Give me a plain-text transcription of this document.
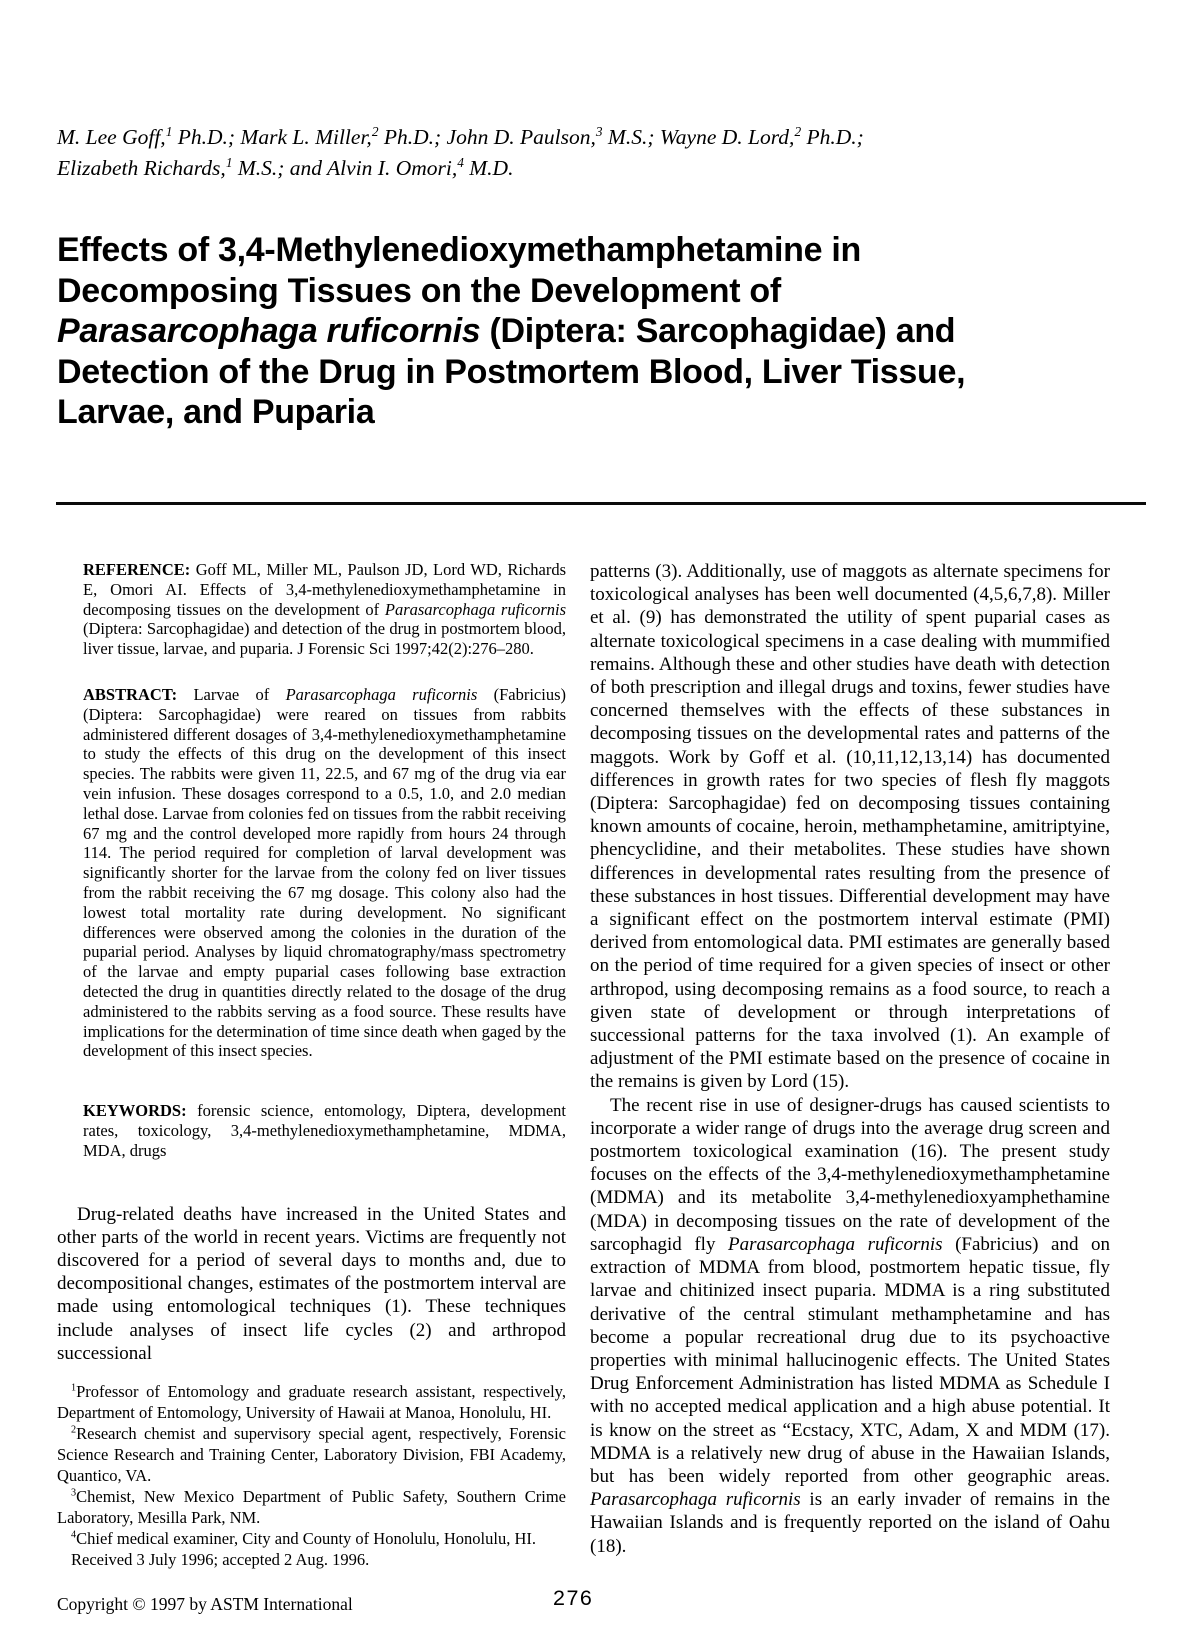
M. Lee Goff,$^1$ Ph.D.; Mark L. Miller,$^2$ Ph.D.; John D. Paulson,$^3$ M.S.; Wayne D. Lord,$^2$ Ph.D.;
Elizabeth Richards,$^1$ M.S.; and Alvin I. Omori,$^4$ M.D.
Effects of 3,4-Methylenedioxymethamphetamine in
Decomposing Tissues on the Development of
Parasarcophaga ruficornis (Diptera: Sarcophagidae) and
Detection of the Drug in Postmortem Blood, Liver Tissue,
Larvae, and Puparia

REFERENCE: Goff ML, Miller ML, Paulson JD, Lord WD, Richards E, Omori AI. Effects of 3,4-methylenedioxymethamphetamine in decomposing tissues on the development of Parasarcophaga ruficornis (Diptera: Sarcophagidae) and detection of the drug in postmortem blood, liver tissue, larvae, and puparia. J Forensic Sci 1997;42(2):276–280.

ABSTRACT: Larvae of Parasarcophaga ruficornis (Fabricius) (Diptera: Sarcophagidae) were reared on tissues from rabbits administered different dosages of 3,4-methylenedioxymethamphetamine to study the effects of this drug on the development of this insect species. The rabbits were given 11, 22.5, and 67 mg of the drug via ear vein infusion. These dosages correspond to a 0.5, 1.0, and 2.0 median lethal dose. Larvae from colonies fed on tissues from the rabbit receiving 67 mg and the control developed more rapidly from hours 24 through 114. The period required for completion of larval development was significantly shorter for the larvae from the colony fed on liver tissues from the rabbit receiving the 67 mg dosage. This colony also had the lowest total mortality rate during development. No significant differences were observed among the colonies in the duration of the puparial period. Analyses by liquid chromatography/mass spectrometry of the larvae and empty puparial cases following base extraction detected the drug in quantities directly related to the dosage of the drug administered to the rabbits serving as a food source. These results have implications for the determination of time since death when gaged by the development of this insect species.

KEYWORDS: forensic science, entomology, Diptera, development rates, toxicology, 3,4-methylenedioxymethamphetamine, MDMA, MDA, drugs

Drug-related deaths have increased in the United States and other parts of the world in recent years. Victims are frequently not discovered for a period of several days to months and, due to decompositional changes, estimates of the postmortem interval are made using entomological techniques (1). These techniques include analyses of insect life cycles (2) and arthropod successional

$^1$Professor of Entomology and graduate research assistant, respectively, Department of Entomology, University of Hawaii at Manoa, Honolulu, HI.

$^2$Research chemist and supervisory special agent, respectively, Forensic Science Research and Training Center, Laboratory Division, FBI Academy, Quantico, VA.

$^3$Chemist, New Mexico Department of Public Safety, Southern Crime Laboratory, Mesilla Park, NM.

$^4$Chief medical examiner, City and County of Honolulu, Honolulu, HI.

Received 3 July 1996; accepted 2 Aug. 1996.

patterns (3). Additionally, use of maggots as alternate specimens for toxicological analyses has been well documented (4,5,6,7,8). Miller et al. (9) has demonstrated the utility of spent puparial cases as alternate toxicological specimens in a case dealing with mummified remains. Although these and other studies have death with detection of both prescription and illegal drugs and toxins, fewer studies have concerned themselves with the effects of these substances in decomposing tissues on the developmental rates and patterns of the maggots. Work by Goff et al. (10,11,12,13,14) has documented differences in growth rates for two species of flesh fly maggots (Diptera: Sarcophagidae) fed on decomposing tissues containing known amounts of cocaine, heroin, methamphetamine, amitriptyine, phencyclidine, and their metabolites. These studies have shown differences in developmental rates resulting from the presence of these substances in host tissues. Differential development may have a significant effect on the postmortem interval estimate (PMI) derived from entomological data. PMI estimates are generally based on the period of time required for a given species of insect or other arthropod, using decomposing remains as a food source, to reach a given state of development or through interpretations of successional patterns for the taxa involved (1). An example of adjustment of the PMI estimate based on the presence of cocaine in the remains is given by Lord (15).

The recent rise in use of designer-drugs has caused scientists to incorporate a wider range of drugs into the average drug screen and postmortem toxicological examination (16). The present study focuses on the effects of the 3,4-methylenedioxymethamphetamine (MDMA) and its metabolite 3,4-methylenedioxyamphethamine (MDA) in decomposing tissues on the rate of development of the sarcophagid fly Parasarcophaga ruficornis (Fabricius) and on extraction of MDMA from blood, postmortem hepatic tissue, fly larvae and chitinized insect puparia. MDMA is a ring substituted derivative of the central stimulant methamphetamine and has become a popular recreational drug due to its psychoactive properties with minimal hallucinogenic effects. The United States Drug Enforcement Administration has listed MDMA as Schedule I with no accepted medical application and a high abuse potential. It is know on the street as “Ecstacy, XTC, Adam, X and MDM (17). MDMA is a relatively new drug of abuse in the Hawaiian Islands, but has been widely reported from other geographic areas. Parasarcophaga ruficornis is an early invader of remains in the Hawaiian Islands and is frequently reported on the island of Oahu (18).

Copyright © 1997 by ASTM International	276
